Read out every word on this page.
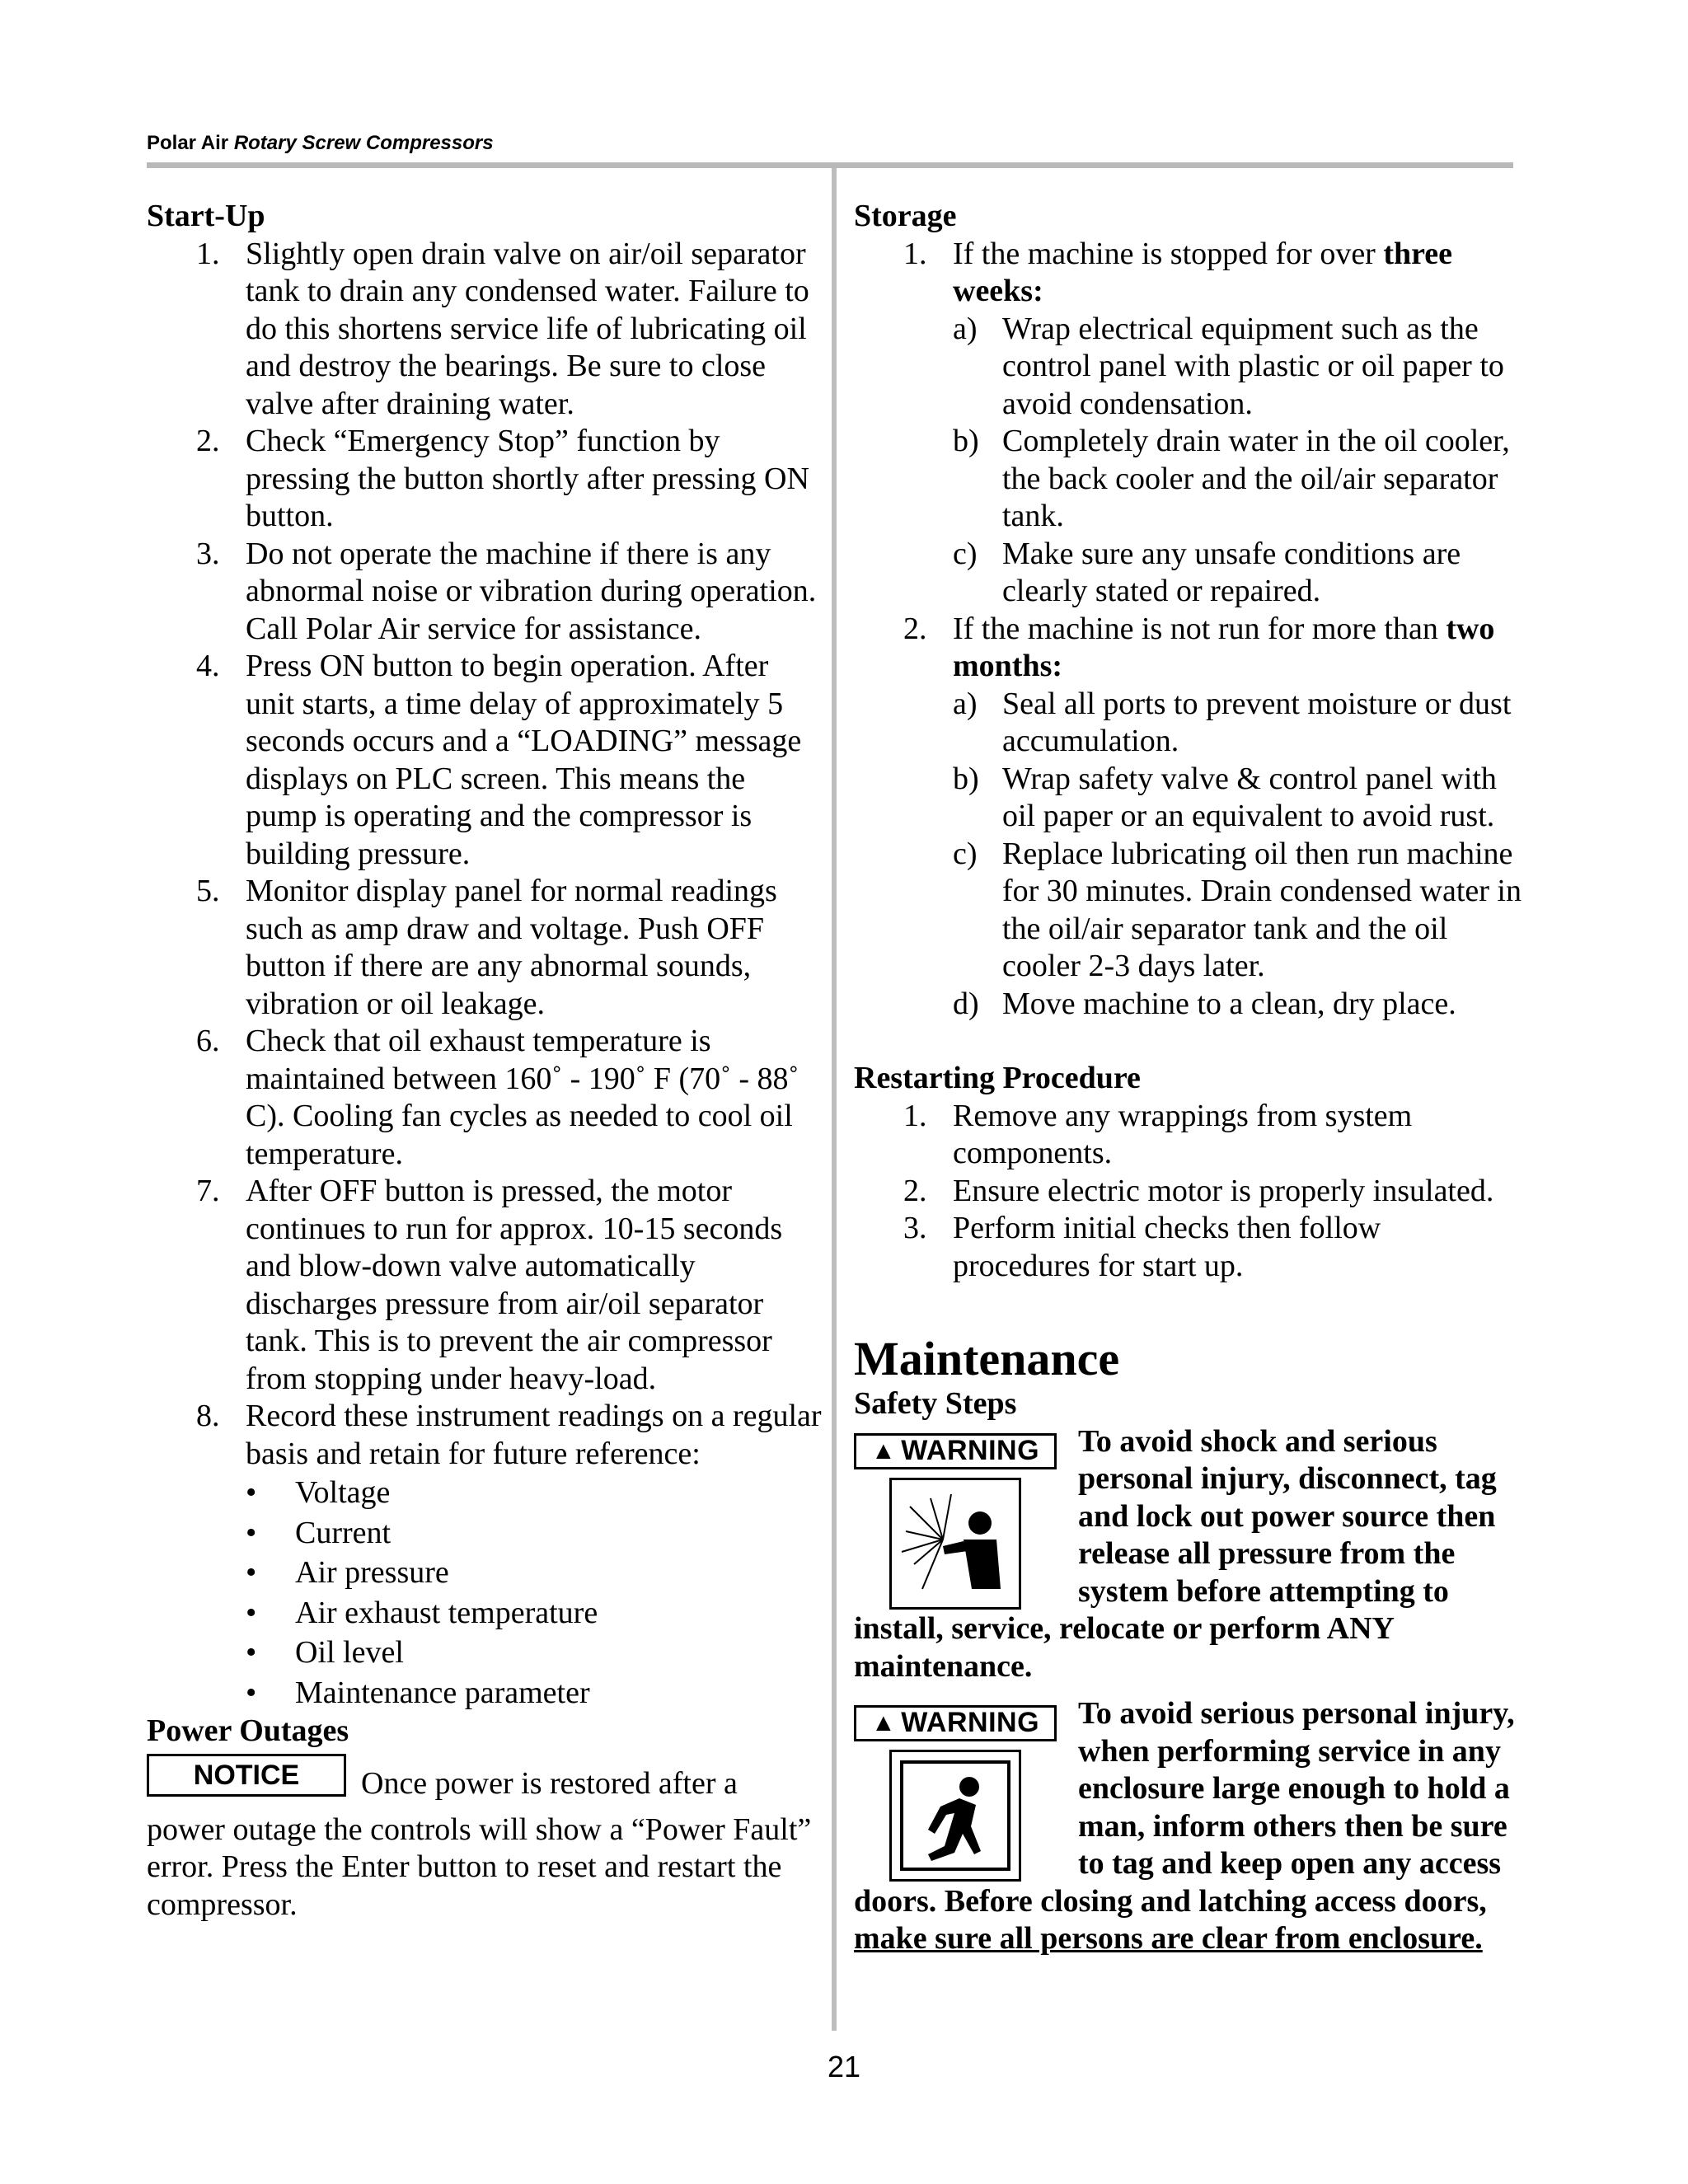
Polar Air Rotary Screw Compressors
Start-Up
1. Slightly open drain valve on air/oil separator tank to drain any condensed water. Failure to do this shortens service life of lubricating oil and destroy the bearings. Be sure to close valve after draining water.
2. Check “Emergency Stop” function by pressing the button shortly after pressing ON button.
3. Do not operate the machine if there is any abnormal noise or vibration during operation. Call Polar Air service for assistance.
4. Press ON button to begin operation. After unit starts, a time delay of approximately 5 seconds occurs and a “LOADING” message displays on PLC screen. This means the pump is operating and the compressor is building pressure.
5. Monitor display panel for normal readings such as amp draw and voltage. Push OFF button if there are any abnormal sounds, vibration or oil leakage.
6. Check that oil exhaust temperature is maintained between 160˚ - 190˚ F (70˚ - 88˚ C). Cooling fan cycles as needed to cool oil temperature.
7. After OFF button is pressed, the motor continues to run for approx. 10-15 seconds and blow-down valve automatically discharges pressure from air/oil separator tank. This is to prevent the air compressor from stopping under heavy-load.
8. Record these instrument readings on a regular basis and retain for future reference:
• Voltage
• Current
• Air pressure
• Air exhaust temperature
• Oil level
• Maintenance parameter
Power Outages
NOTICE Once power is restored after a power outage the controls will show a “Power Fault” error. Press the Enter button to reset and restart the compressor.
Storage
1. If the machine is stopped for over three weeks:
a) Wrap electrical equipment such as the control panel with plastic or oil paper to avoid condensation.
b) Completely drain water in the oil cooler, the back cooler and the oil/air separator tank.
c) Make sure any unsafe conditions are clearly stated or repaired.
2. If the machine is not run for more than two months:
a) Seal all ports to prevent moisture or dust accumulation.
b) Wrap safety valve & control panel with oil paper or an equivalent to avoid rust.
c) Replace lubricating oil then run machine for 30 minutes. Drain condensed water in the oil/air separator tank and the oil cooler 2-3 days later.
d) Move machine to a clean, dry place.
Restarting Procedure
1. Remove any wrappings from system components.
2. Ensure electric motor is properly insulated.
3. Perform initial checks then follow procedures for start up.
Maintenance
Safety Steps
▲ WARNING To avoid shock and serious personal injury, disconnect, tag and lock out power source then release all pressure from the system before attempting to install, service, relocate or perform ANY maintenance.
▲ WARNING To avoid serious personal injury, when performing service in any enclosure large enough to hold a man, inform others then be sure to tag and keep open any access doors. Before closing and latching access doors, make sure all persons are clear from enclosure.
21
